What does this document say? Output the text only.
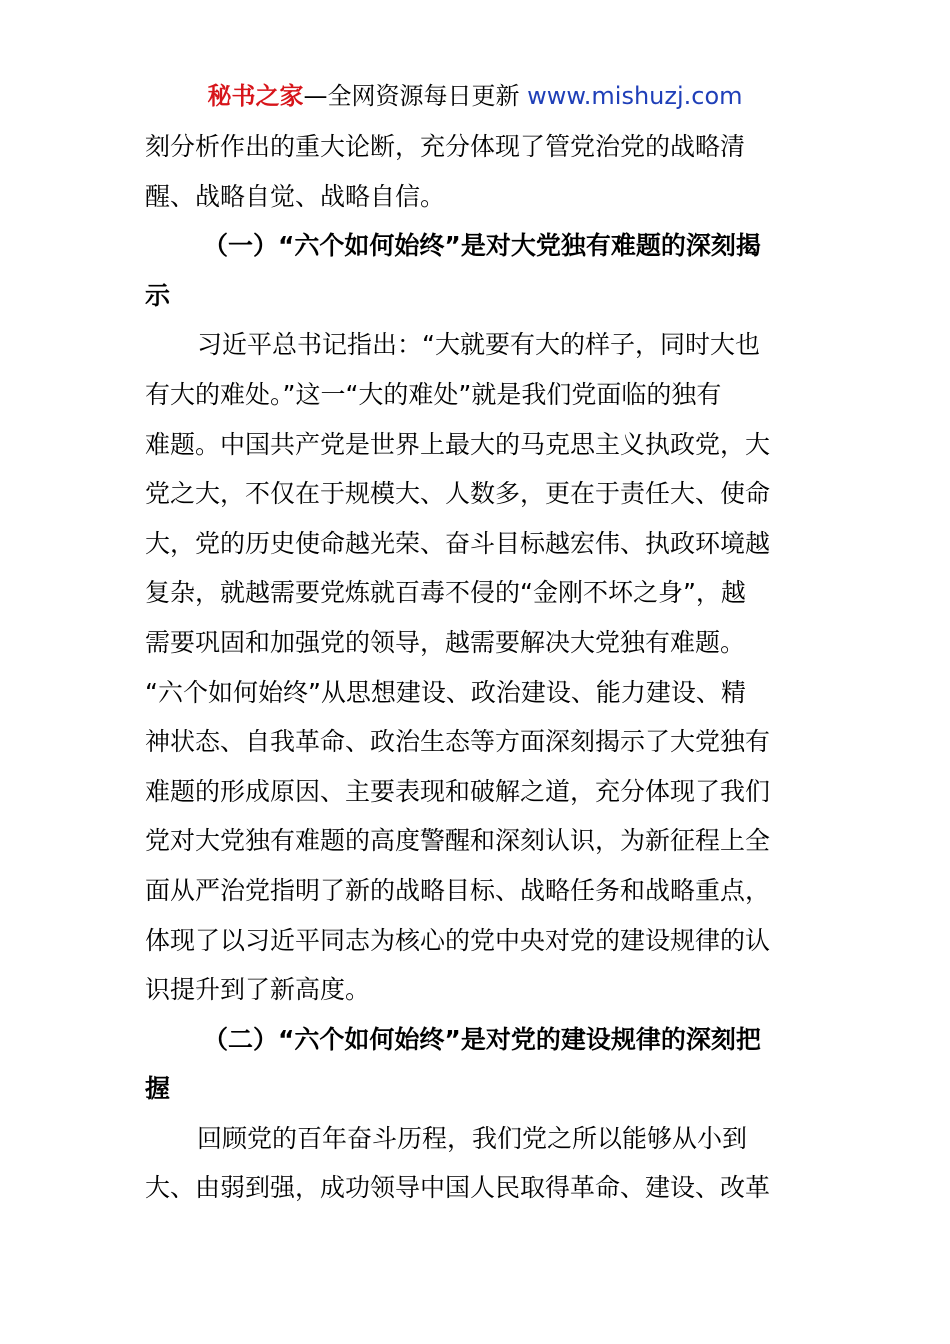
秘书之家—全网资源每日更新 www.mishuzj.com
刻分析作出的重大论断，充分体现了管党治党的战略清
醒、战略自觉、战略自信。
（一）“六个如何始终”是对大党独有难题的深刻揭
示
习近平总书记指出：“大就要有大的样子，同时大也
有大的难处。”这一“大的难处”就是我们党面临的独有
难题。中国共产党是世界上最大的马克思主义执政党，大
党之大，不仅在于规模大、人数多，更在于责任大、使命
大，党的历史使命越光荣、奋斗目标越宏伟、执政环境越
复杂，就越需要党炼就百毒不侵的“金刚不坏之身”，越
需要巩固和加强党的领导，越需要解决大党独有难题。
“六个如何始终”从思想建设、政治建设、能力建设、精
神状态、自我革命、政治生态等方面深刻揭示了大党独有
难题的形成原因、主要表现和破解之道，充分体现了我们
党对大党独有难题的高度警醒和深刻认识，为新征程上全
面从严治党指明了新的战略目标、战略任务和战略重点，
体现了以习近平同志为核心的党中央对党的建设规律的认
识提升到了新高度。
（二）“六个如何始终”是对党的建设规律的深刻把
握
回顾党的百年奋斗历程，我们党之所以能够从小到
大、由弱到强，成功领导中国人民取得革命、建设、改革
